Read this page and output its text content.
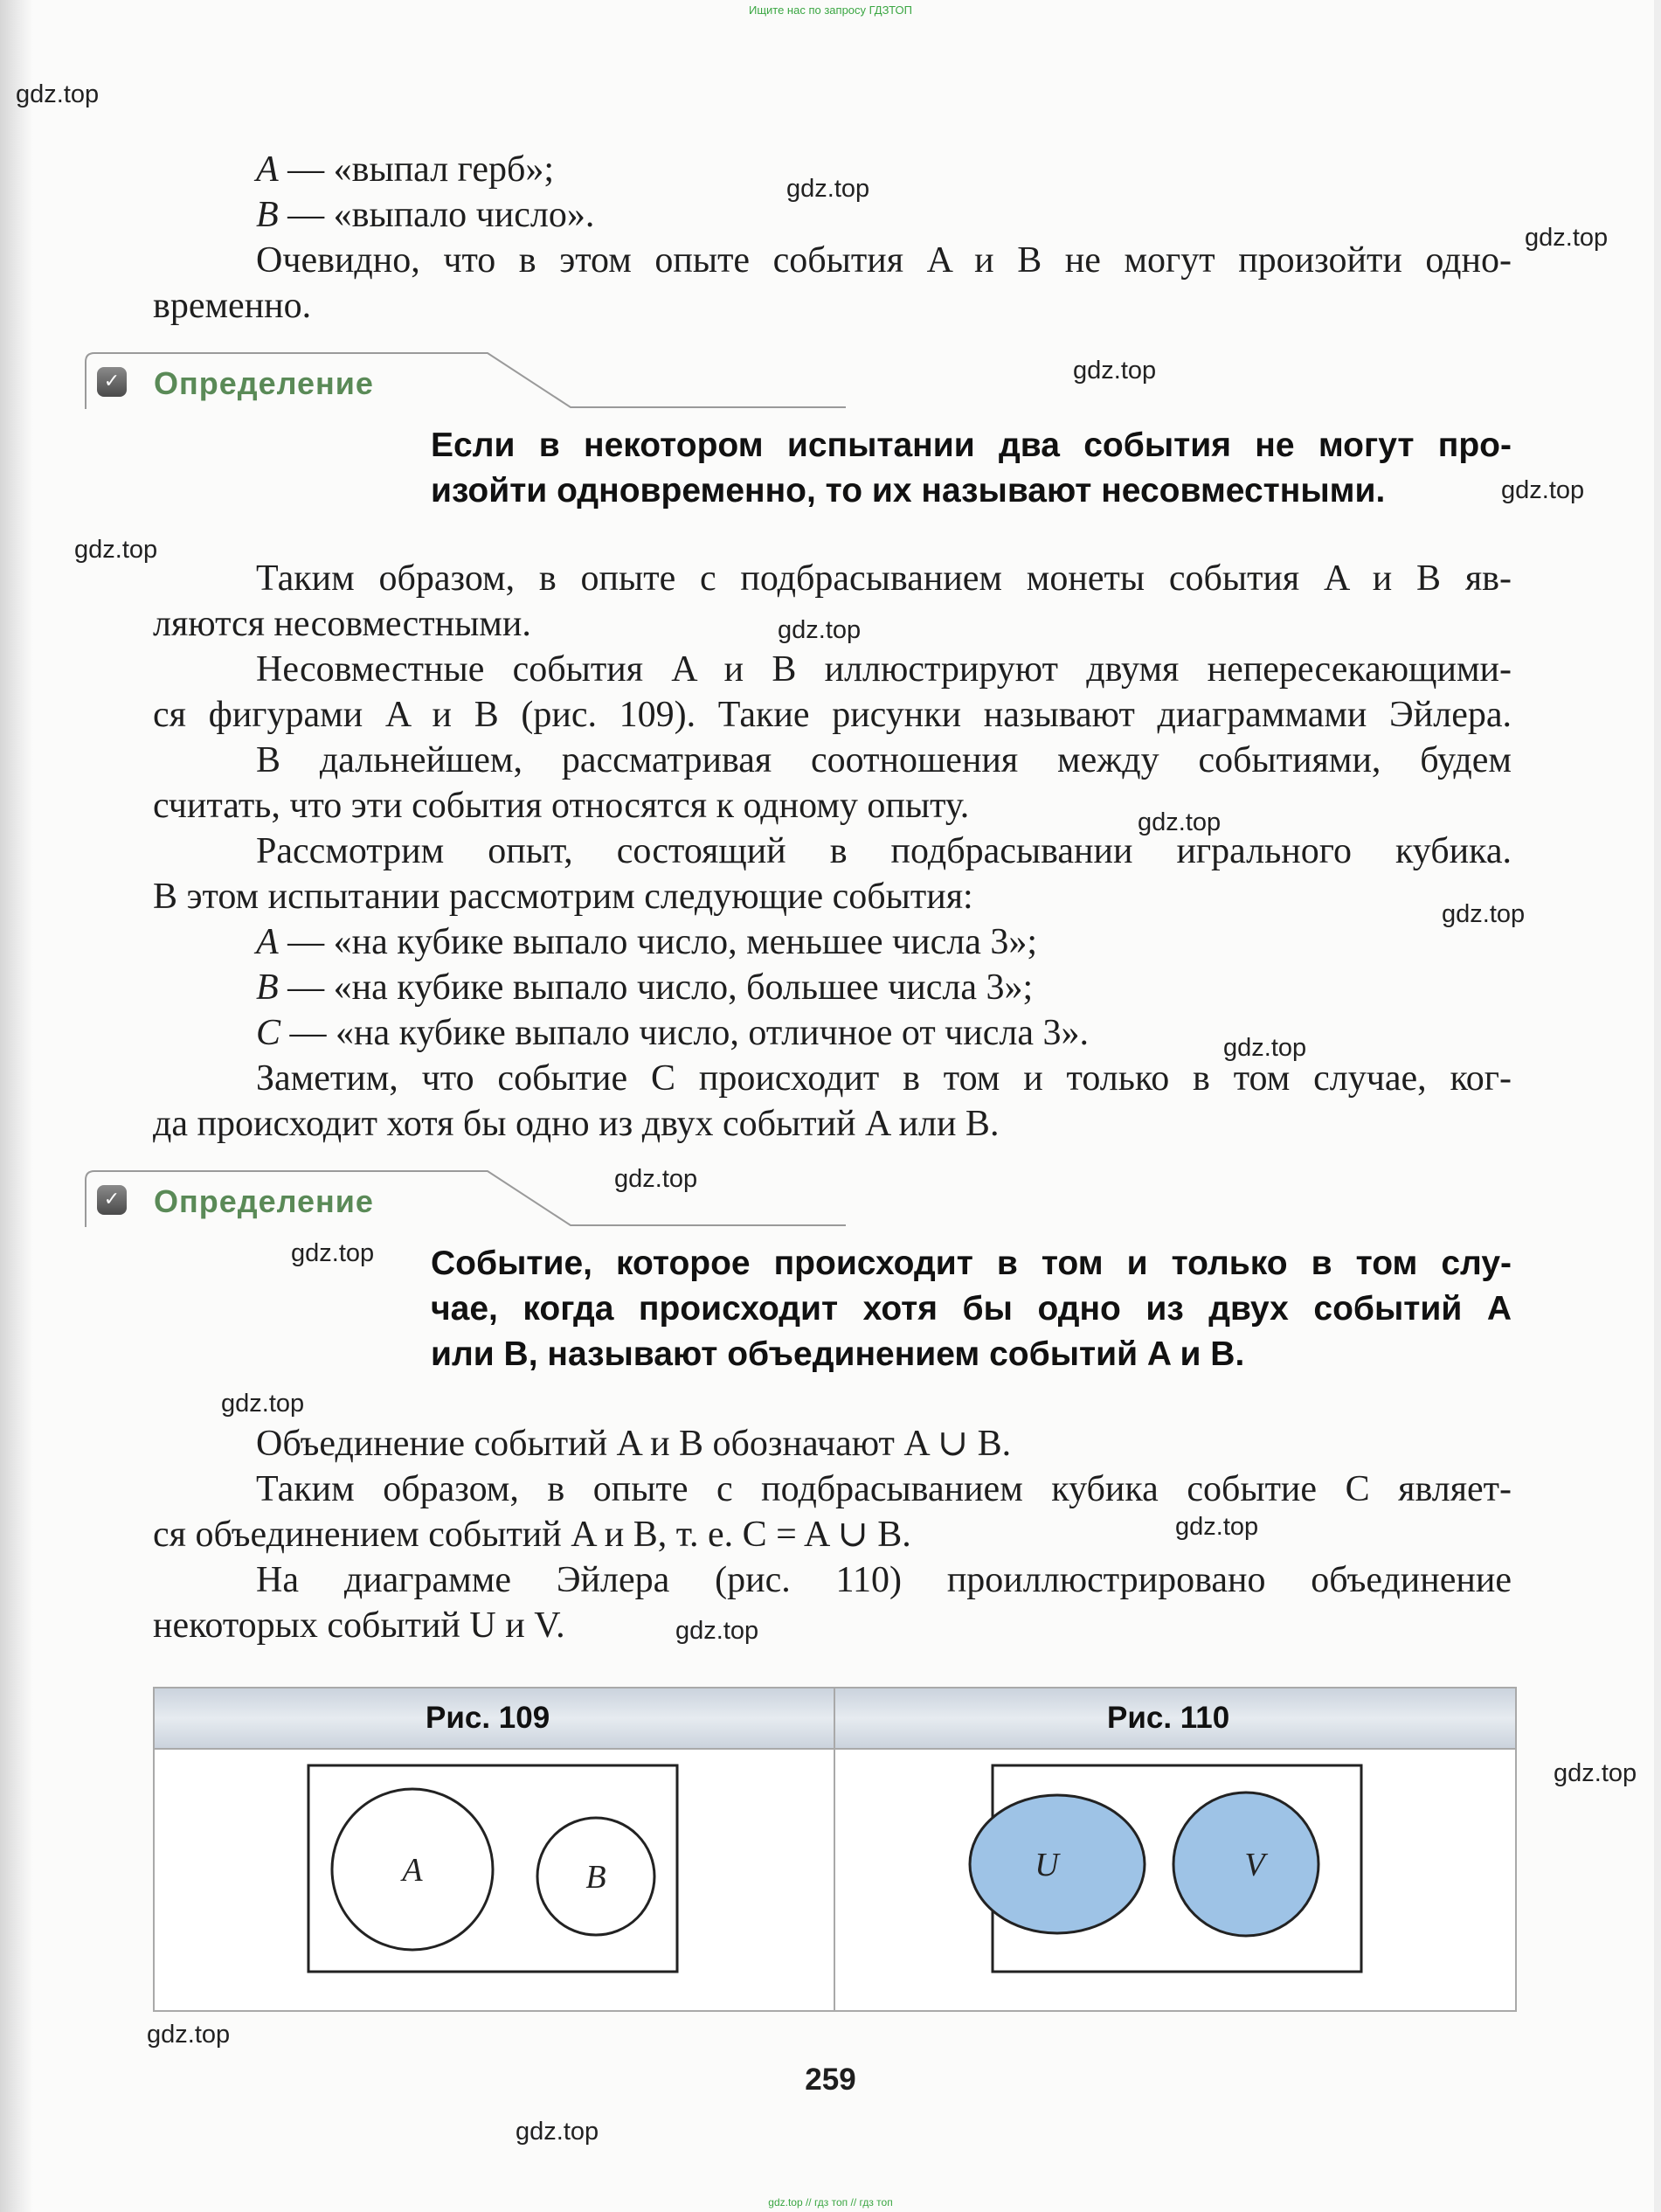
Ищите нас по запросу ГДЗТОП
gdz.top
gdz.top
gdz.top
gdz.top
gdz.top
gdz.top
gdz.top
gdz.top
gdz.top
gdz.top
gdz.top
gdz.top
gdz.top
gdz.top
gdz.top
gdz.top
gdz.top
gdz.top
A — «выпал герб»;
B — «выпало число».
Очевидно, что в этом опыте события A и B не могут произойти одно-
временно.
✓ Определение
Если в некотором испытании два события не могут про-
изойти одновременно, то их называют несовместными.
Таким образом, в опыте с подбрасыванием монеты события A и B яв-
ляются несовместными.
Несовместные события A и B иллюстрируют двумя непересекающими-
ся фигурами A и B (рис. 109). Такие рисунки называют диаграммами Эйлера.
В дальнейшем, рассматривая соотношения между событиями, будем
считать, что эти события относятся к одному опыту.
Рассмотрим опыт, состоящий в подбрасывании игрального кубика.
В этом испытании рассмотрим следующие события:
A — «на кубике выпало число, меньшее числа 3»;
B — «на кубике выпало число, большее числа 3»;
C — «на кубике выпало число, отличное от числа 3».
Заметим, что событие C происходит в том и только в том случае, ког-
да происходит хотя бы одно из двух событий A или B.
✓ Определение
Событие, которое происходит в том и только в том слу-
чае, когда происходит хотя бы одно из двух событий A
или B, называют объединением событий A и B.
Объединение событий A и B обозначают A ∪ B.
Таким образом, в опыте с подбрасыванием кубика событие C являет-
ся объединением событий A и B, т. е. C = A ∪ B.
На диаграмме Эйлера (рис. 110) проиллюстрировано объединение
некоторых событий U и V.
Рис. 109	Рис. 110
A	B	U	V
259
gdz.top // гдз топ // гдз топ
